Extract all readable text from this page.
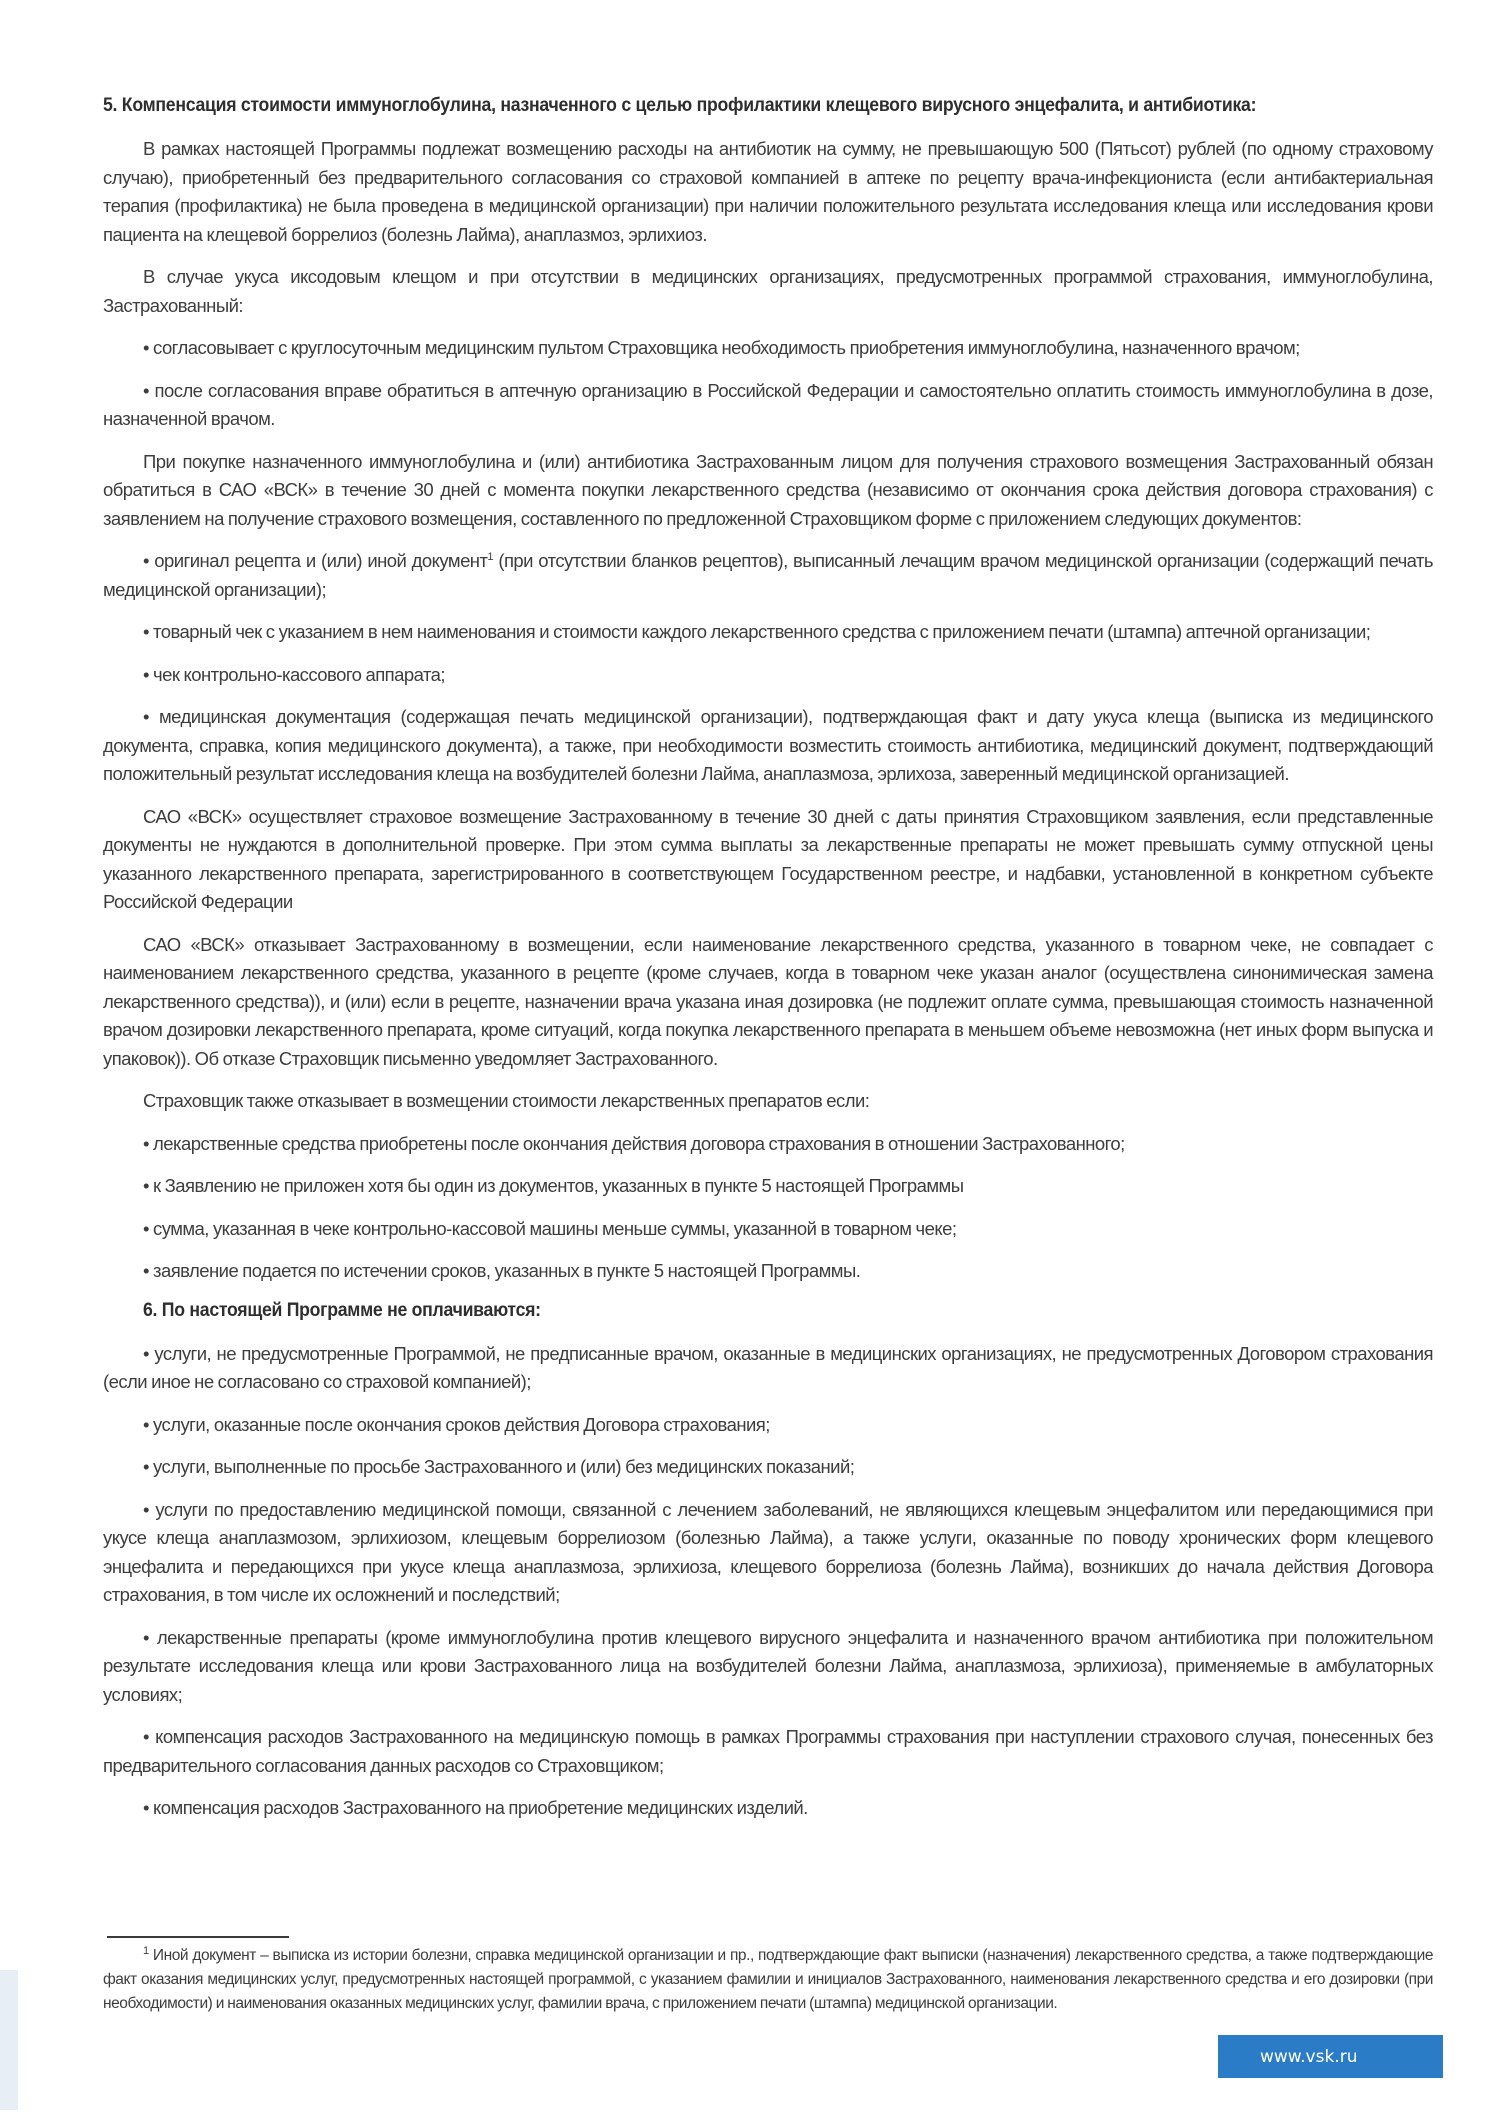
5. Компенсация стоимости иммуноглобулина, назначенного с целью профилактики клещевого вирусного энцефалита, и антибиотика:

В рамках настоящей Программы подлежат возмещению расходы на антибиотик на сумму, не превышающую 500 (Пятьсот) рублей (по одному страховому случаю), приобретенный без предварительного согласования со страховой компанией в аптеке по рецепту врача-инфекциониста (если антибактериальная терапия (профилактика) не была проведена в медицинской организации) при наличии положительного результата исследования клеща или исследования крови пациента на клещевой боррелиоз (болезнь Лайма), анаплазмоз, эрлихиоз.

В случае укуса иксодовым клещом и при отсутствии в медицинских организациях, предусмотренных программой страхования, иммуноглобулина, Застрахованный:

• согласовывает с круглосуточным медицинским пультом Страховщика необходимость приобретения иммуноглобулина, назначенного врачом;

• после согласования вправе обратиться в аптечную организацию в Российской Федерации и самостоятельно оплатить стоимость иммуноглобулина в дозе, назначенной врачом.

При покупке назначенного иммуноглобулина и (или) антибиотика Застрахованным лицом для получения страхового возмещения Застрахованный обязан обратиться в САО «ВСК» в течение 30 дней с момента покупки лекарственного средства (независимо от окончания срока действия договора страхования) с заявлением на получение страхового возмещения, составленного по предложенной Страховщиком форме с приложением следующих документов:

• оригинал рецепта и (или) иной документ$^1$ (при отсутствии бланков рецептов), выписанный лечащим врачом медицинской организации (содержащий печать медицинской организации);

• товарный чек с указанием в нем наименования и стоимости каждого лекарственного средства с приложением печати (штампа) аптечной организации;

• чек контрольно-кассового аппарата;

• медицинская документация (содержащая печать медицинской организации), подтверждающая факт и дату укуса клеща (выписка из медицинского документа, справка, копия медицинского документа), а также, при необходимости возместить стоимость антибиотика, медицинский документ, подтверждающий положительный результат исследования клеща на возбудителей болезни Лайма, анаплазмоза, эрлихоза, заверенный медицинской организацией.

САО «ВСК» осуществляет страховое возмещение Застрахованному в течение 30 дней с даты принятия Страховщиком заявления, если представленные документы не нуждаются в дополнительной проверке. При этом сумма выплаты за лекарственные препараты не может превышать сумму отпускной цены указанного лекарственного препарата, зарегистрированного в соответствующем Государственном реестре, и надбавки, установленной в конкретном субъекте Российской Федерации

САО «ВСК» отказывает Застрахованному в возмещении, если наименование лекарственного средства, указанного в товарном чеке, не совпадает с наименованием лекарственного средства, указанного в рецепте (кроме случаев, когда в товарном чеке указан аналог (осуществлена синонимическая замена лекарственного средства)), и (или) если в рецепте, назначении врача указана иная дозировка (не подлежит оплате сумма, превышающая стоимость назначенной врачом дозировки лекарственного препарата, кроме ситуаций, когда покупка лекарственного препарата в меньшем объеме невозможна (нет иных форм выпуска и упаковок)). Об отказе Страховщик письменно уведомляет Застрахованного.

Страховщик также отказывает в возмещении стоимости лекарственных препаратов если:

• лекарственные средства приобретены после окончания действия договора страхования в отношении Застрахованного;

• к Заявлению не приложен хотя бы один из документов, указанных в пункте 5 настоящей Программы

• сумма, указанная в чеке контрольно-кассовой машины меньше суммы, указанной в товарном чеке;

• заявление подается по истечении сроков, указанных в пункте 5 настоящей Программы.

6. По настоящей Программе не оплачиваются:

• услуги, не предусмотренные Программой, не предписанные врачом, оказанные в медицинских организациях, не предусмотренных Договором страхования (если иное не согласовано со страховой компанией);

• услуги, оказанные после окончания сроков действия Договора страхования;

• услуги, выполненные по просьбе Застрахованного и (или) без медицинских показаний;

• услуги по предоставлению медицинской помощи, связанной с лечением заболеваний, не являющихся клещевым энцефалитом или передающимися при укусе клеща анаплазмозом, эрлихиозом, клещевым боррелиозом (болезнью Лайма), а также услуги, оказанные по поводу хронических форм клещевого энцефалита и передающихся при укусе клеща анаплазмоза, эрлихиоза, клещевого боррелиоза (болезнь Лайма), возникших до начала действия Договора страхования, в том числе их осложнений и последствий;

• лекарственные препараты (кроме иммуноглобулина против клещевого вирусного энцефалита и назначенного врачом антибиотика при положительном результате исследования клеща или крови Застрахованного лица на возбудителей болезни Лайма, анаплазмоза, эрлихиоза), применяемые в амбулаторных условиях;

• компенсация расходов Застрахованного на медицинскую помощь в рамках Программы страхования при наступлении страхового случая, понесенных без предварительного согласования данных расходов со Страховщиком;

• компенсация расходов Застрахованного на приобретение медицинских изделий.

$^1$ Иной документ – выписка из истории болезни, справка медицинской организации и пр., подтверждающие факт выписки (назначения) лекарственного средства, а также подтверждающие факт оказания медицинских услуг, предусмотренных настоящей программой, с указанием фамилии и инициалов Застрахованного, наименования лекарственного средства и его дозировки (при необходимости) и наименования оказанных медицинских услуг, фамилии врача, с приложением печати (штампа) медицинской организации.

www.vsk.ru
